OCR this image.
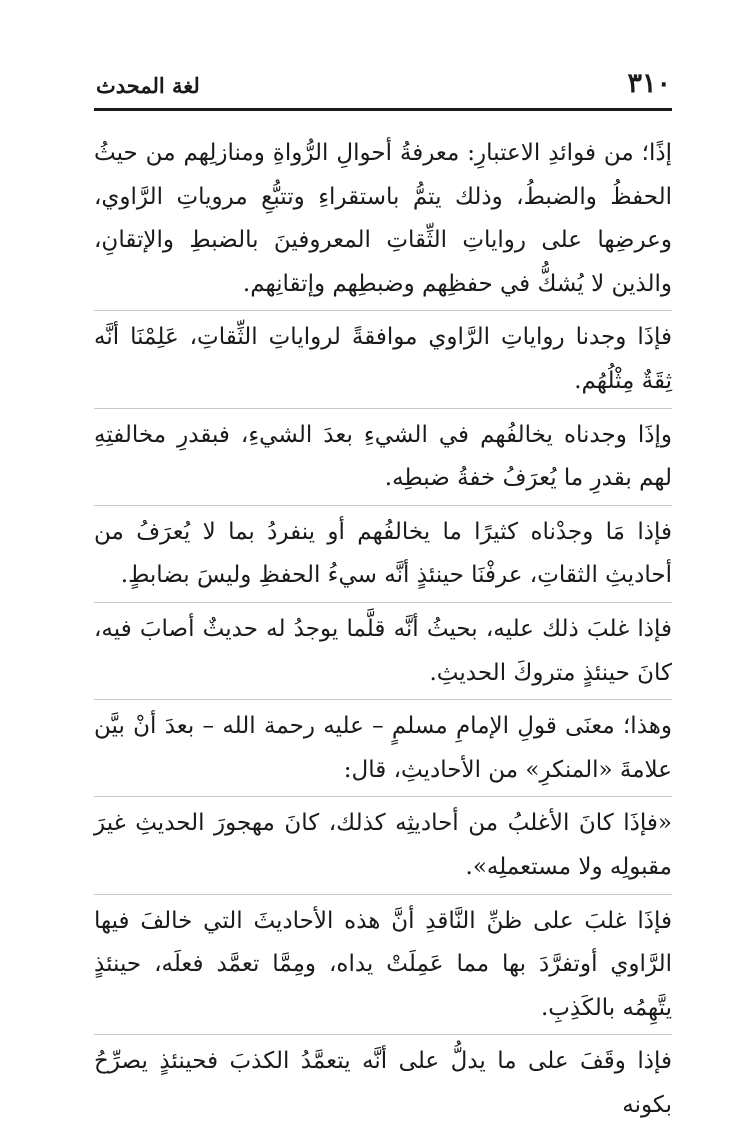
٣١٠
لغة المحدث

إذًا؛ من فوائدِ الاعتبارِ: معرفةُ أحوالِ الرُّواةِ ومنازلِهم من حيثُ الحفظُ والضبطُ، وذلك يتمُّ باستقراءِ وتتبُّعِ مروياتِ الرَّاوي، وعرضِها على رواياتِ الثِّقاتِ المعروفينَ بالضبطِ والإتقانِ، والذين لا يُشكُّ في حفظِهم وضبطِهم وإتقانِهم.

فإذَا وجدنا رواياتِ الرَّاوي موافقةً لرواياتِ الثِّقاتِ، عَلِمْنَا أنَّه ثِقَةٌ مِثْلُهُم.

وإذَا وجدناه يخالفُهم في الشيءِ بعدَ الشيءِ، فبقدرِ مخالفتِهِ لهم بقدرِ ما يُعرَفُ خفةُ ضبطِه.

فإذا مَا وجدْناه كثيرًا ما يخالفُهم أو ينفردُ بما لا يُعرَفُ من أحاديثِ الثقاتِ، عرفْنَا حينئذٍ أنَّه سيءُ الحفظِ وليسَ بضابطٍ.

فإذا غلبَ ذلك عليه، بحيثُ أنَّه قلَّما يوجدُ له حديثٌ أصابَ فيه، كانَ حينئذٍ متروكَ الحديثِ.

وهذا؛ معنَى قولِ الإمامِ مسلمٍ – عليه رحمة الله – بعدَ أنْ بيَّن علامةَ «المنكرِ» من الأحاديثِ، قال:

«فإذَا كانَ الأغلبُ من أحاديثِه كذلك، كانَ مهجورَ الحديثِ غيرَ مقبولِه ولا مستعملِه».

فإذَا غلبَ على ظنِّ النَّاقدِ أنَّ هذه الأحاديثَ التي خالفَ فيها الرَّاوي أوتفرَّدَ بها مما عَمِلَتْ يداه، ومِمَّا تعمَّد فعلَه، حينئذٍ يتَّهِمُه بالكَذِبِ.

فإذا وقَفَ على ما يدلُّ على أنَّه يتعمَّدُ الكذبَ فحينئذٍ يصرِّحُ بكونه
